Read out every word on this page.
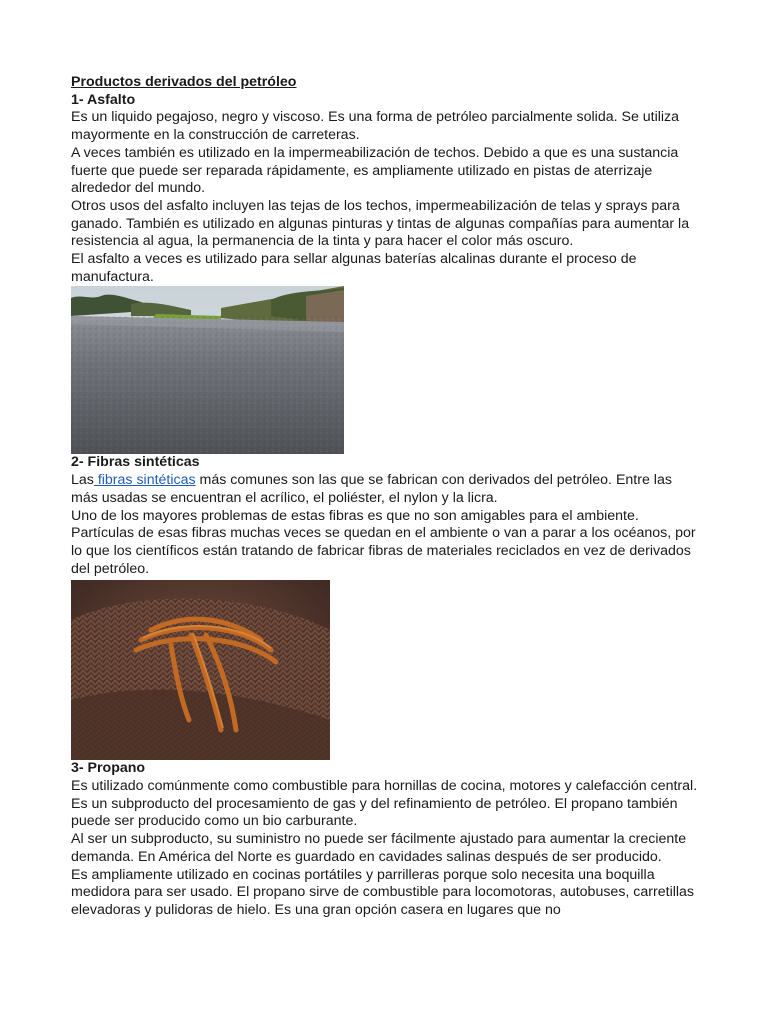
Productos derivados del petróleo

1- Asfalto

Es un liquido pegajoso, negro y viscoso. Es una forma de petróleo parcialmente solida. Se utiliza mayormente en la construcción de carreteras.

A veces también es utilizado en la impermeabilización de techos. Debido a que es una sustancia fuerte que puede ser reparada rápidamente, es ampliamente utilizado en pistas de aterrizaje alrededor del mundo.

Otros usos del asfalto incluyen las tejas de los techos, impermeabilización de telas y sprays para ganado. También es utilizado en algunas pinturas y tintas de algunas compañías para aumentar la resistencia al agua, la permanencia de la tinta y para hacer el color más oscuro.

El asfalto a veces es utilizado para sellar algunas baterías alcalinas durante el proceso de manufactura.

2- Fibras sintéticas

Las fibras sintéticas más comunes son las que se fabrican con derivados del petróleo. Entre las más usadas se encuentran el acrílico, el poliéster, el nylon y la licra.

Uno de los mayores problemas de estas fibras es que no son amigables para el ambiente. Partículas de esas fibras muchas veces se quedan en el ambiente o van a parar a los océanos, por lo que los científicos están tratando de fabricar fibras de materiales reciclados en vez de derivados del petróleo.

3- Propano

Es utilizado comúnmente como combustible para hornillas de cocina, motores y calefacción central. Es un subproducto del procesamiento de gas y del refinamiento de petróleo. El propano también puede ser producido como un bio carburante.

Al ser un subproducto, su suministro no puede ser fácilmente ajustado para aumentar la creciente demanda. En América del Norte es guardado en cavidades salinas después de ser producido.

Es ampliamente utilizado en cocinas portátiles y parrilleras porque solo necesita una boquilla medidora para ser usado. El propano sirve de combustible para locomotoras, autobuses, carretillas elevadoras y pulidoras de hielo. Es una gran opción casera en lugares que no
